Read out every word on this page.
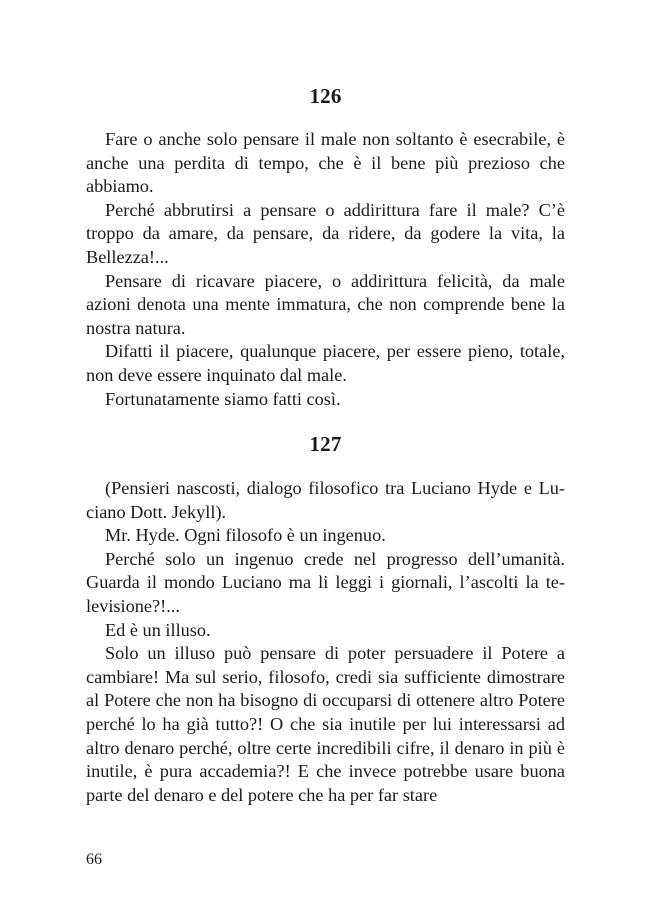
126

Fare o anche solo pensare il male non soltanto è esecrabile, è anche una perdita di tempo, che è il bene più prezioso che abbiamo.

Perché abbrutirsi a pensare o addirittura fare il male? C’è troppo da amare, da pensare, da ridere, da godere la vita, la Bellezza!...

Pensare di ricavare piacere, o addirittura felicità, da male azioni denota una mente immatura, che non comprende bene la nostra natura.

Difatti il piacere, qualunque piacere, per essere pieno, totale, non deve essere inquinato dal male.

Fortunatamente siamo fatti così.

127

(Pensieri nascosti, dialogo filosofico tra Luciano Hyde e Luciano Dott. Jekyll).

Mr. Hyde. Ogni filosofo è un ingenuo.

Perché solo un ingenuo crede nel progresso dell’umanità. Guarda il mondo Luciano ma li leggi i giornali, l’ascolti la televisione?!...

Ed è un illuso.

Solo un illuso può pensare di poter persuadere il Potere a cambiare! Ma sul serio, filosofo, credi sia sufficiente dimostrare al Potere che non ha bisogno di occuparsi di ottenere altro Potere perché lo ha già tutto?! O che sia inutile per lui interessarsi ad altro denaro perché, oltre certe incredibili cifre, il denaro in più è inutile, è pura accademia?! E che invece potrebbe usare buona parte del denaro e del potere che ha per far stare

66
